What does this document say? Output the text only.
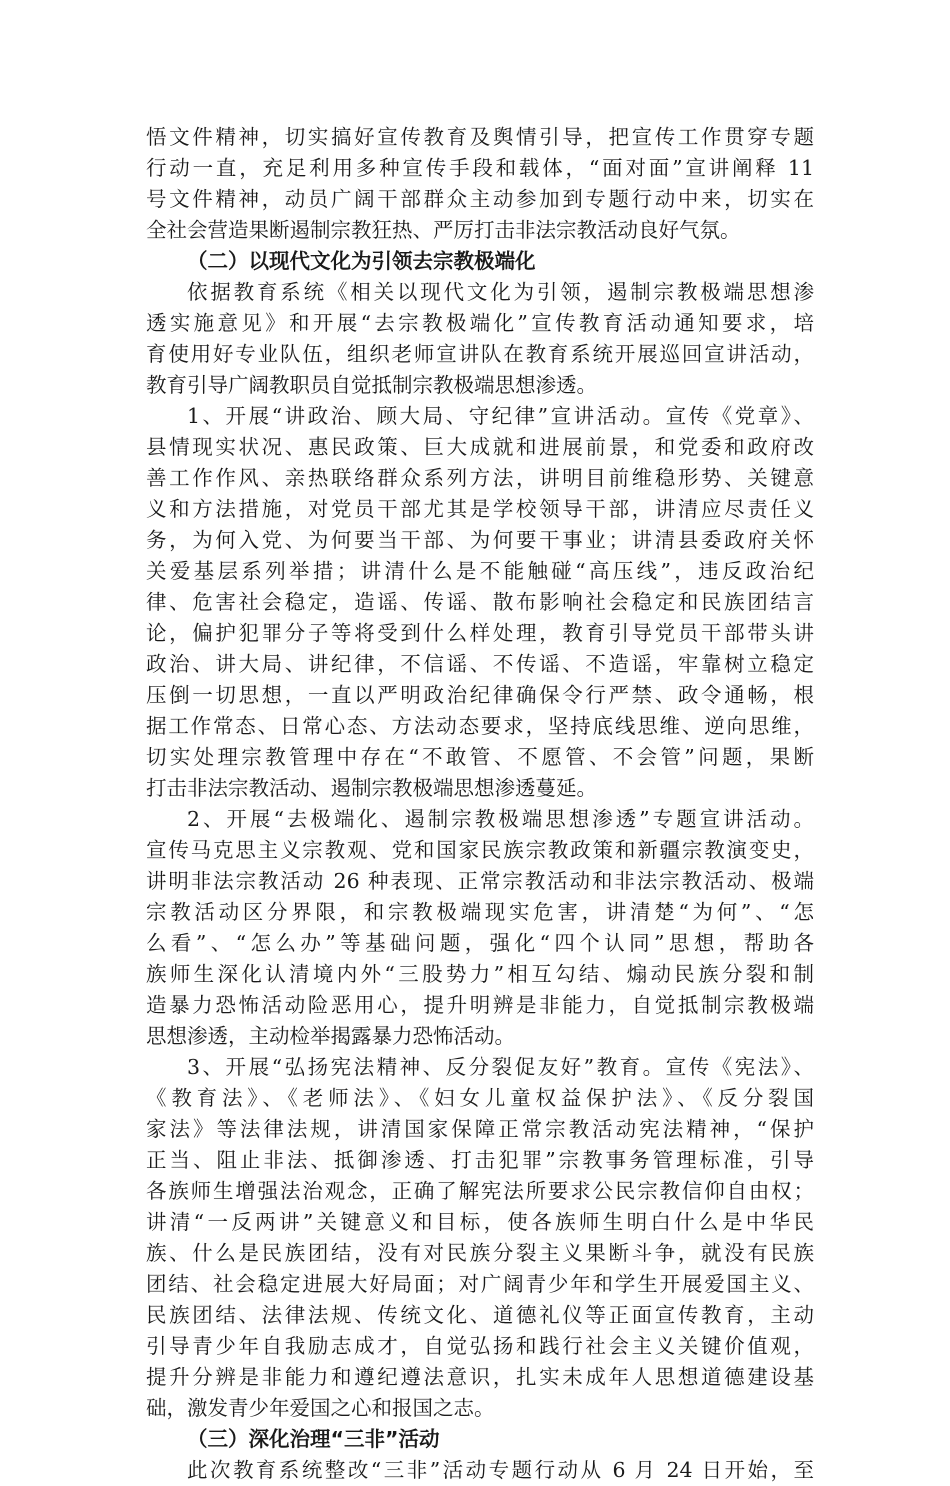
悟文件精神，切实搞好宣传教育及舆情引导，把宣传工作贯穿专题
行动一直，充足利用多种宣传手段和载体，“面对面”宣讲阐释 11
号文件精神，动员广阔干部群众主动参加到专题行动中来，切实在
全社会营造果断遏制宗教狂热、严厉打击非法宗教活动良好气氛。
（二）以现代文化为引领去宗教极端化
依据教育系统《相关以现代文化为引领，遏制宗教极端思想渗
透实施意见》和开展“去宗教极端化”宣传教育活动通知要求，培
育使用好专业队伍，组织老师宣讲队在教育系统开展巡回宣讲活动，
教育引导广阔教职员自觉抵制宗教极端思想渗透。
1、开展“讲政治、顾大局、守纪律”宣讲活动。宣传《党章》、
县情现实状况、惠民政策、巨大成就和进展前景，和党委和政府改
善工作作风、亲热联络群众系列方法，讲明目前维稳形势、关键意
义和方法措施，对党员干部尤其是学校领导干部，讲清应尽责任义
务，为何入党、为何要当干部、为何要干事业；讲清县委政府关怀
关爱基层系列举措；讲清什么是不能触碰“高压线”，违反政治纪
律、危害社会稳定，造谣、传谣、散布影响社会稳定和民族团结言
论，偏护犯罪分子等将受到什么样处理，教育引导党员干部带头讲
政治、讲大局、讲纪律，不信谣、不传谣、不造谣，牢靠树立稳定
压倒一切思想，一直以严明政治纪律确保令行严禁、政令通畅，根
据工作常态、日常心态、方法动态要求，坚持底线思维、逆向思维，
切实处理宗教管理中存在“不敢管、不愿管、不会管”问题，果断
打击非法宗教活动、遏制宗教极端思想渗透蔓延。
2、开展“去极端化、遏制宗教极端思想渗透”专题宣讲活动。
宣传马克思主义宗教观、党和国家民族宗教政策和新疆宗教演变史，
讲明非法宗教活动 26 种表现、正常宗教活动和非法宗教活动、极端
宗教活动区分界限，和宗教极端现实危害，讲清楚“为何”、“怎
么看”、“怎么办”等基础问题，强化“四个认同”思想，帮助各
族师生深化认清境内外“三股势力”相互勾结、煽动民族分裂和制
造暴力恐怖活动险恶用心，提升明辨是非能力，自觉抵制宗教极端
思想渗透，主动检举揭露暴力恐怖活动。
3、开展“弘扬宪法精神、反分裂促友好”教育。宣传《宪法》、
《教育法》、《老师法》、《妇女儿童权益保护法》、《反分裂国
家法》等法律法规，讲清国家保障正常宗教活动宪法精神，“保护
正当、阻止非法、抵御渗透、打击犯罪”宗教事务管理标准，引导
各族师生增强法治观念，正确了解宪法所要求公民宗教信仰自由权；
讲清“一反两讲”关键意义和目标，使各族师生明白什么是中华民
族、什么是民族团结，没有对民族分裂主义果断斗争，就没有民族
团结、社会稳定进展大好局面；对广阔青少年和学生开展爱国主义、
民族团结、法律法规、传统文化、道德礼仪等正面宣传教育，主动
引导青少年自我励志成才，自觉弘扬和践行社会主义关键价值观，
提升分辨是非能力和遵纪遵法意识，扎实未成年人思想道德建设基
础，激发青少年爱国之心和报国之志。
（三）深化治理“三非”活动
此次教育系统整改“三非”活动专题行动从 6 月 24 日开始，至
